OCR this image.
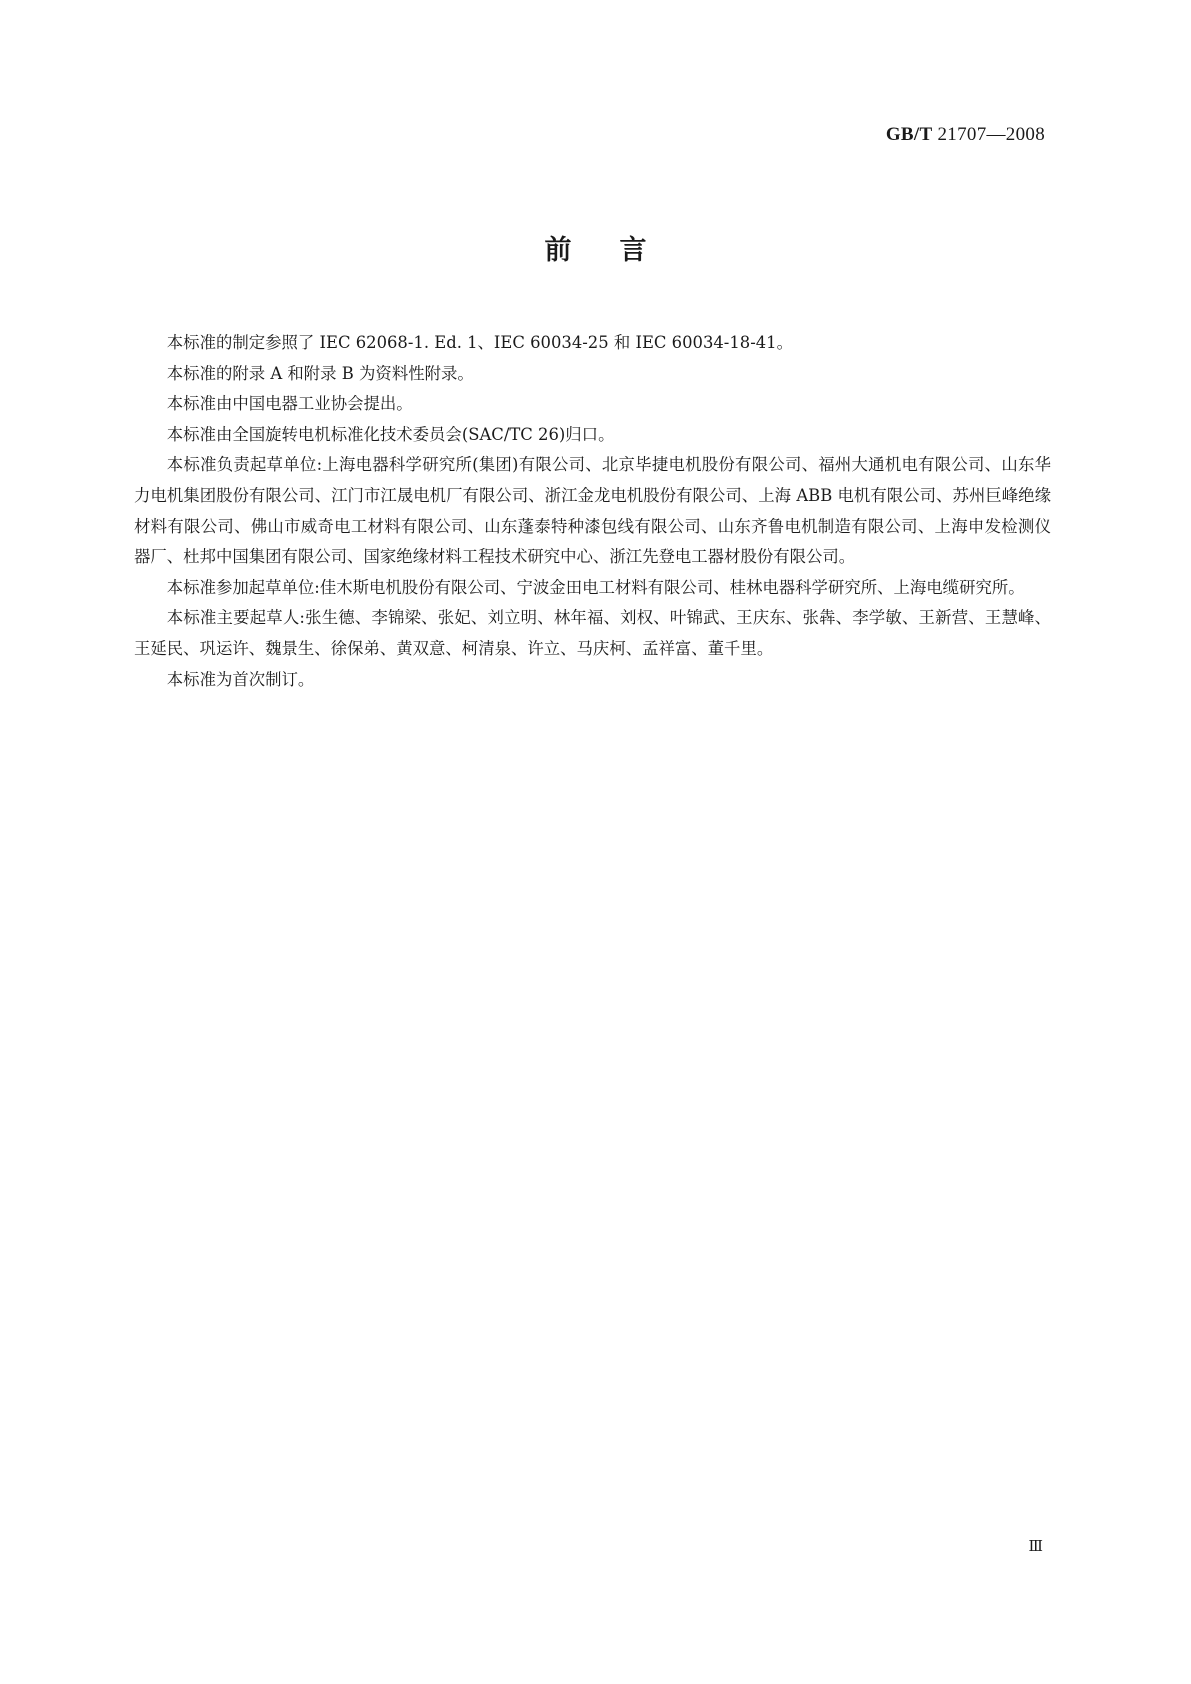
GB/T 21707—2008
前言

本标准的制定参照了 IEC 62068-1. Ed. 1、IEC 60034-25 和 IEC 60034-18-41。

本标准的附录 A 和附录 B 为资料性附录。

本标准由中国电器工业协会提出。

本标准由全国旋转电机标准化技术委员会(SAC/TC 26)归口。

本标准负责起草单位:上海电器科学研究所(集团)有限公司、北京毕捷电机股份有限公司、福州大通机电有限公司、山东华力电机集团股份有限公司、江门市江晟电机厂有限公司、浙江金龙电机股份有限公司、上海 ABB 电机有限公司、苏州巨峰绝缘材料有限公司、佛山市威奇电工材料有限公司、山东蓬泰特种漆包线有限公司、山东齐鲁电机制造有限公司、上海申发检测仪器厂、杜邦中国集团有限公司、国家绝缘材料工程技术研究中心、浙江先登电工器材股份有限公司。

本标准参加起草单位:佳木斯电机股份有限公司、宁波金田电工材料有限公司、桂林电器科学研究所、上海电缆研究所。

本标准主要起草人:张生德、李锦梁、张妃、刘立明、林年福、刘权、叶锦武、王庆东、张犇、李学敏、王新营、王慧峰、王延民、巩运许、魏景生、徐保弟、黄双意、柯清泉、许立、马庆柯、孟祥富、董千里。

本标准为首次制订。

Ⅲ
